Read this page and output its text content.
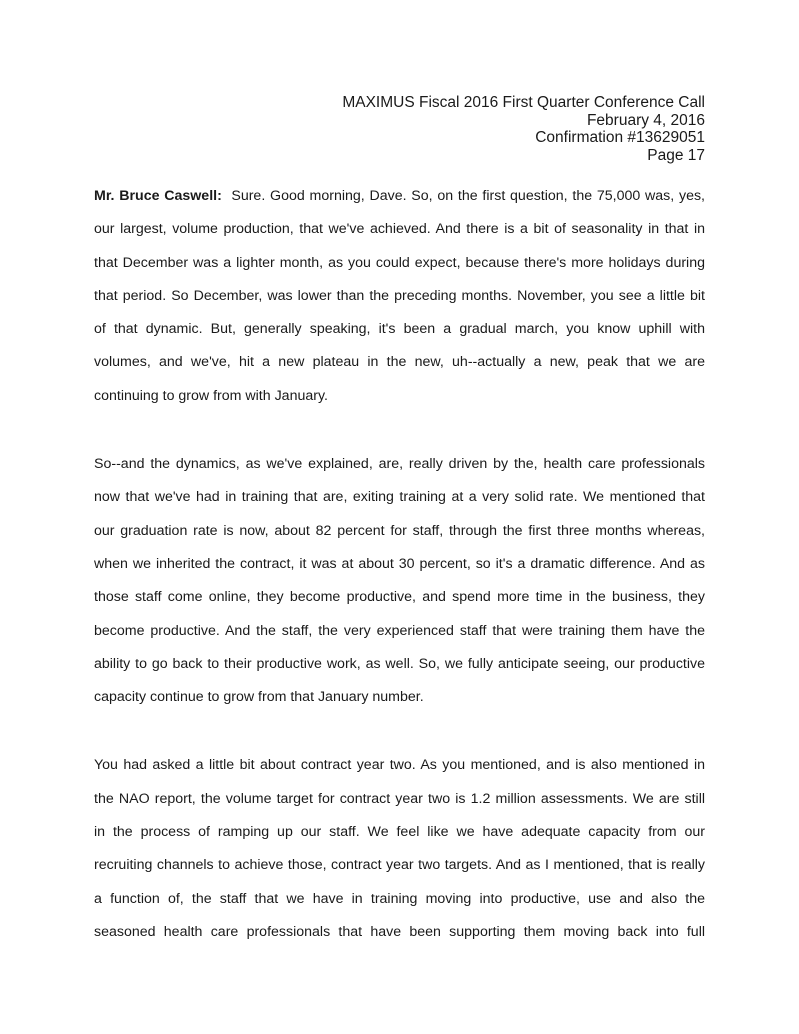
MAXIMUS Fiscal 2016 First Quarter Conference Call
February 4, 2016
Confirmation #13629051
Page 17
Mr. Bruce Caswell: Sure. Good morning, Dave. So, on the first question, the 75,000 was, yes,
our largest, volume production, that we've achieved. And there is a bit of seasonality in that in
that December was a lighter month, as you could expect, because there's more holidays during
that period. So December, was lower than the preceding months. November, you see a little bit
of that dynamic. But, generally speaking, it's been a gradual march, you know uphill with
volumes, and we've, hit a new plateau in the new, uh--actually a new, peak that we are
continuing to grow from with January.
So--and the dynamics, as we've explained, are, really driven by the, health care professionals
now that we've had in training that are, exiting training at a very solid rate. We mentioned that
our graduation rate is now, about 82 percent for staff, through the first three months whereas,
when we inherited the contract, it was at about 30 percent, so it's a dramatic difference. And as
those staff come online, they become productive, and spend more time in the business, they
become productive. And the staff, the very experienced staff that were training them have the
ability to go back to their productive work, as well. So, we fully anticipate seeing, our productive
capacity continue to grow from that January number.
You had asked a little bit about contract year two. As you mentioned, and is also mentioned in
the NAO report, the volume target for contract year two is 1.2 million assessments. We are still
in the process of ramping up our staff. We feel like we have adequate capacity from our
recruiting channels to achieve those, contract year two targets. And as I mentioned, that is really
a function of, the staff that we have in training moving into productive, use and also the
seasoned health care professionals that have been supporting them moving back into full
